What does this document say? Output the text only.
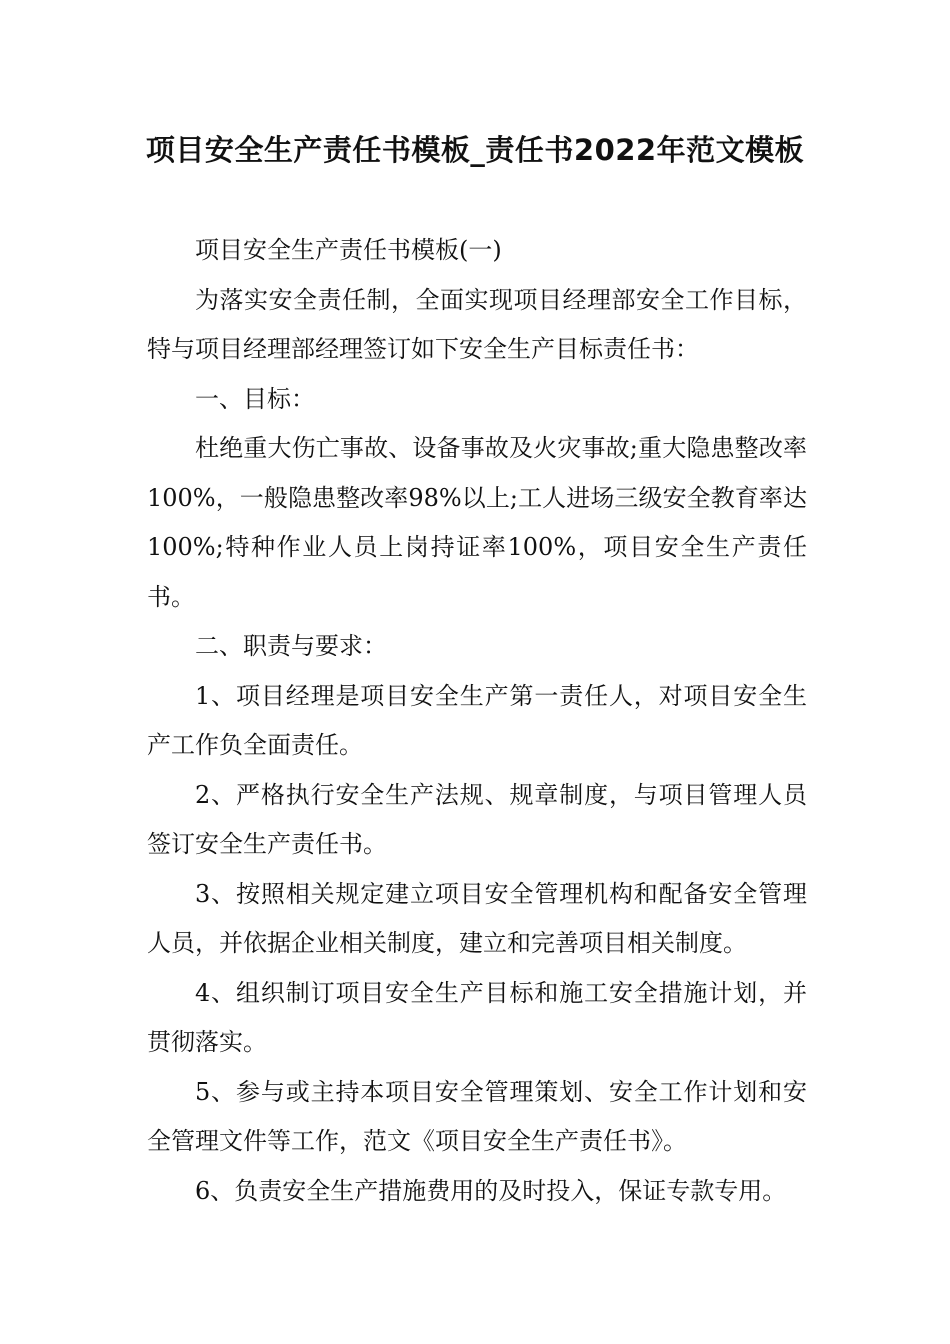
项目安全生产责任书模板_责任书2022年范文模板

项目安全生产责任书模板(一)

为落实安全责任制，全面实现项目经理部安全工作目标，特与项目经理部经理签订如下安全生产目标责任书：

一、目标：

杜绝重大伤亡事故、设备事故及火灾事故;重大隐患整改率100%，一般隐患整改率98%以上;工人进场三级安全教育率达100%;特种作业人员上岗持证率100%，项目安全生产责任书。

二、职责与要求：

1、项目经理是项目安全生产第一责任人，对项目安全生产工作负全面责任。

2、严格执行安全生产法规、规章制度，与项目管理人员签订安全生产责任书。

3、按照相关规定建立项目安全管理机构和配备安全管理人员，并依据企业相关制度，建立和完善项目相关制度。

4、组织制订项目安全生产目标和施工安全措施计划，并贯彻落实。

5、参与或主持本项目安全管理策划、安全工作计划和安全管理文件等工作，范文《项目安全生产责任书》。

6、负责安全生产措施费用的及时投入，保证专款专用。
